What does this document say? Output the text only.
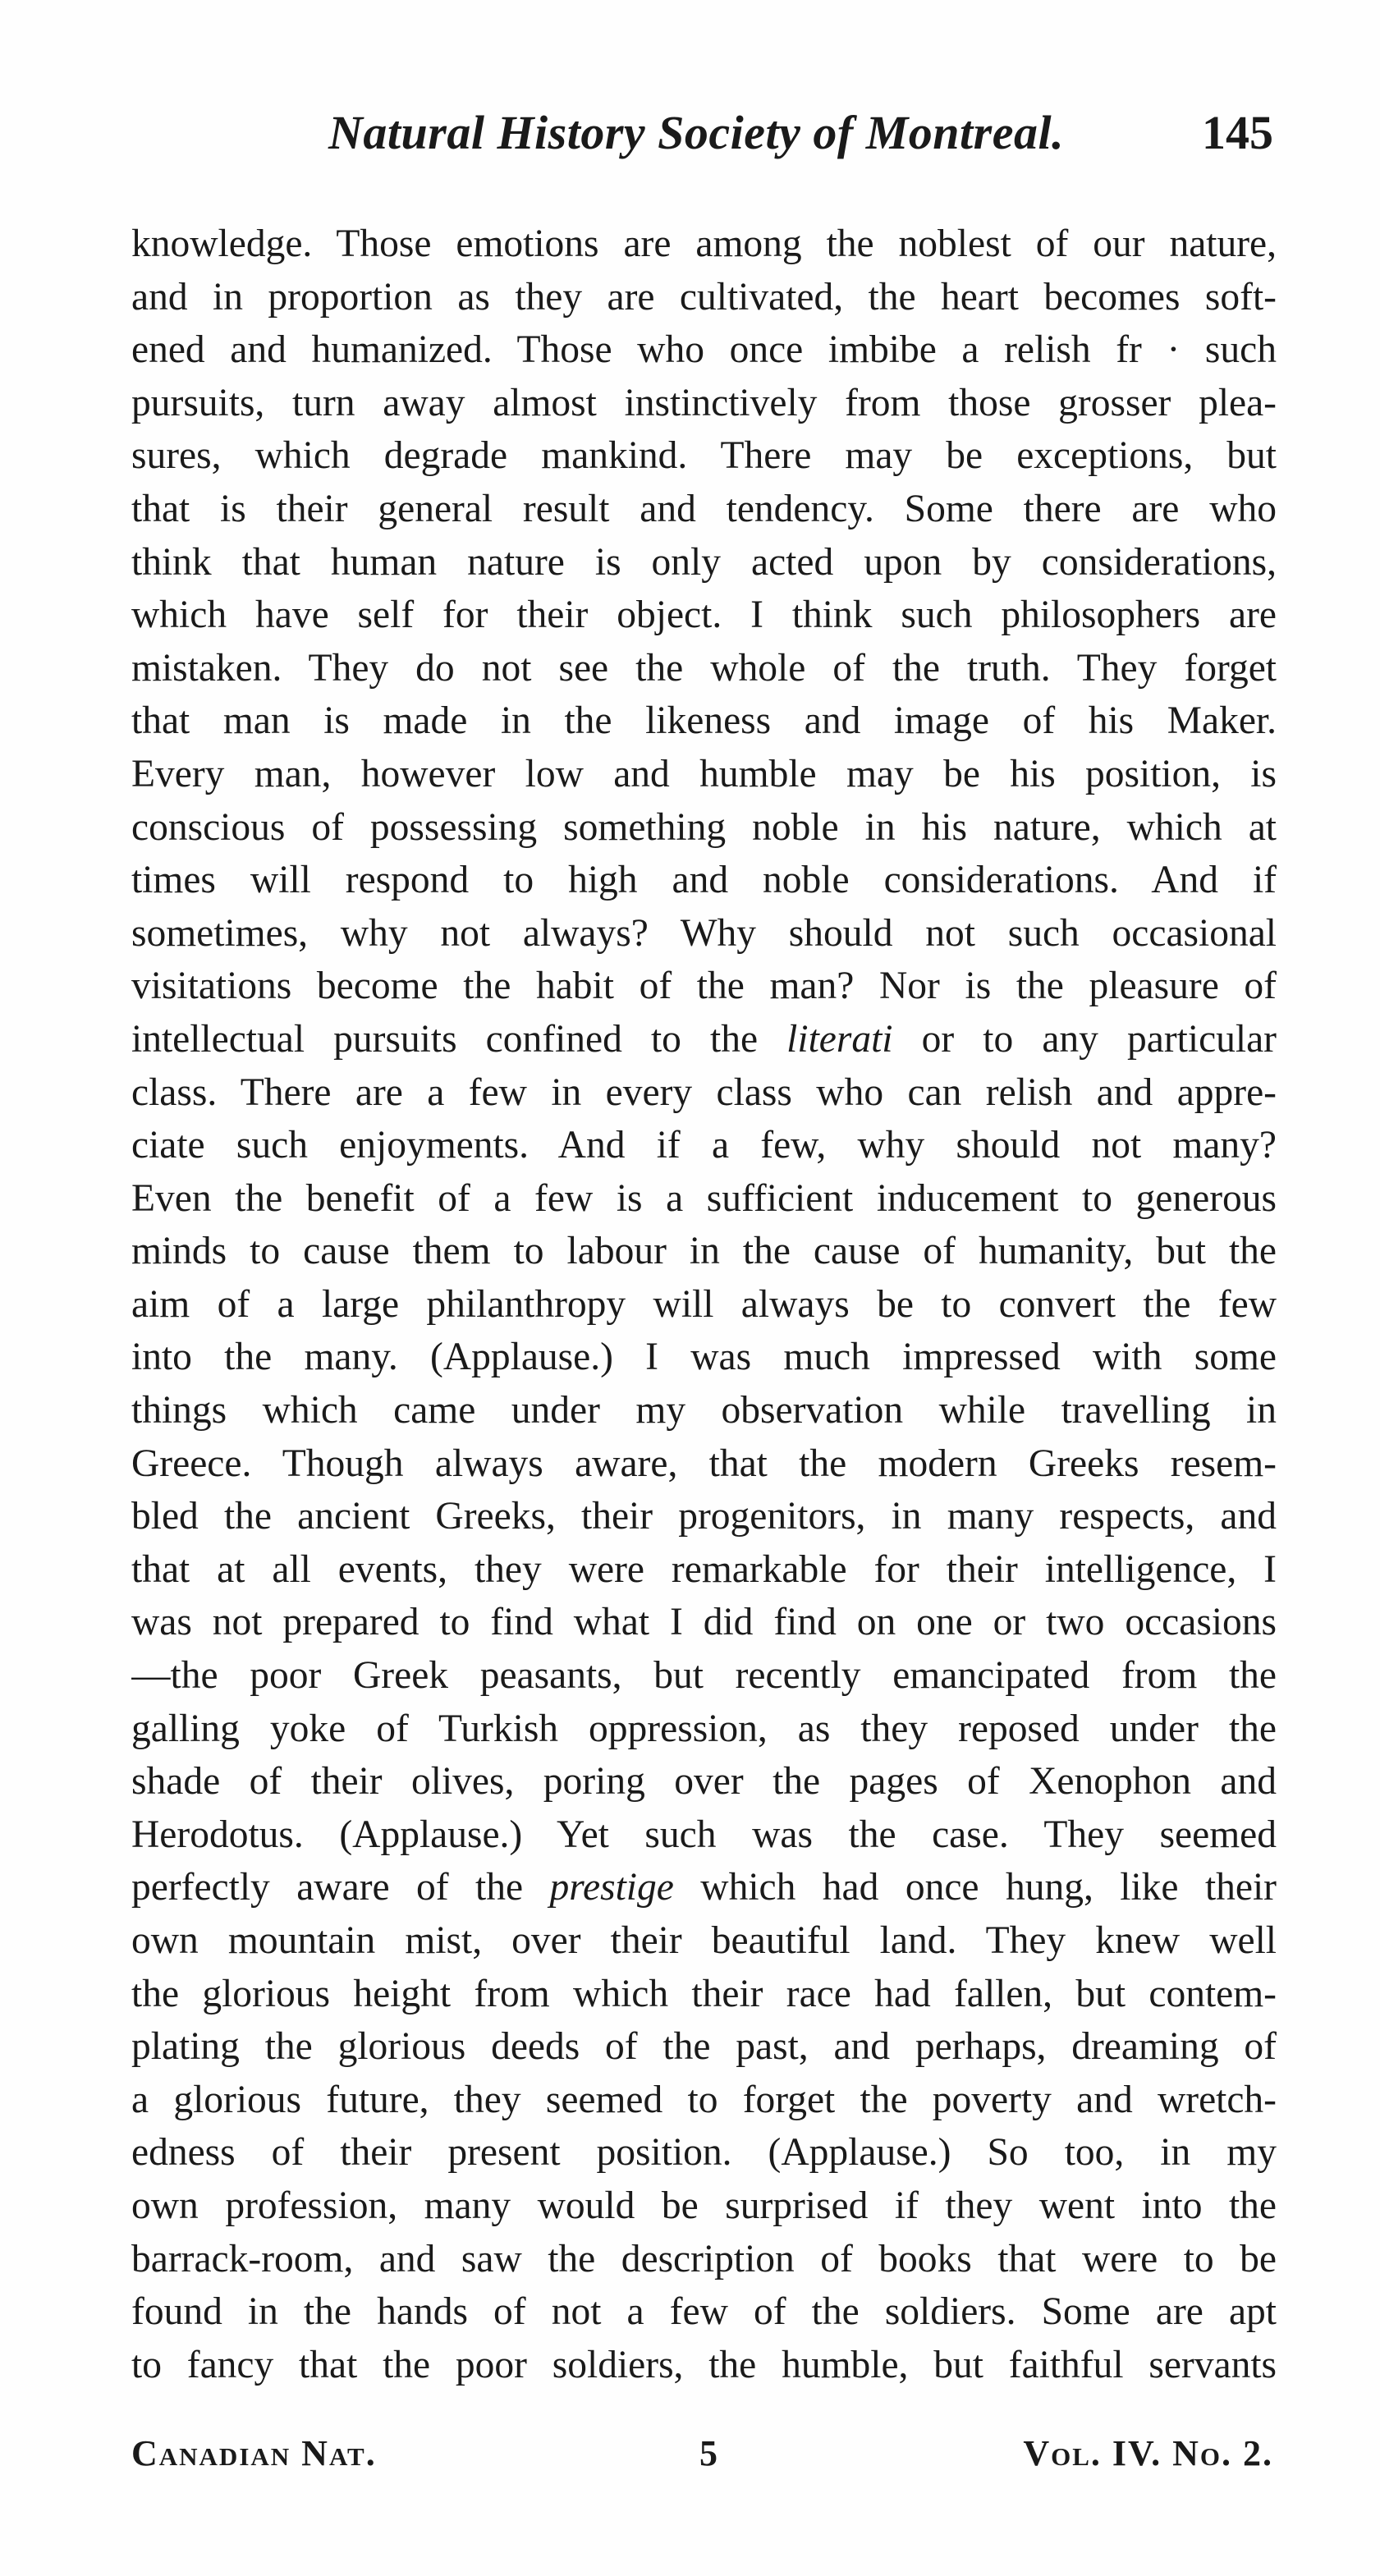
Natural History Society of Montreal.	145
knowledge. Those emotions are among the noblest of our nature,
and in proportion as they are cultivated, the heart becomes soft-
ened and humanized. Those who once imbibe a relish fr · such
pursuits, turn away almost instinctively from those grosser plea-
sures, which degrade mankind. There may be exceptions, but
that is their general result and tendency. Some there are who
think that human nature is only acted upon by considerations,
which have self for their object. I think such philosophers are
mistaken. They do not see the whole of the truth. They forget
that man is made in the likeness and image of his Maker.
Every man, however low and humble may be his position, is
conscious of possessing something noble in his nature, which at
times will respond to high and noble considerations. And if
sometimes, why not always? Why should not such occasional
visitations become the habit of the man? Nor is the pleasure of
intellectual pursuits confined to the literati or to any particular
class. There are a few in every class who can relish and appre-
ciate such enjoyments. And if a few, why should not many?
Even the benefit of a few is a sufficient inducement to generous
minds to cause them to labour in the cause of humanity, but the
aim of a large philanthropy will always be to convert the few
into the many. (Applause.) I was much impressed with some
things which came under my observation while travelling in
Greece. Though always aware, that the modern Greeks resem-
bled the ancient Greeks, their progenitors, in many respects, and
that at all events, they were remarkable for their intelligence, I
was not prepared to find what I did find on one or two occasions
—the poor Greek peasants, but recently emancipated from the
galling yoke of Turkish oppression, as they reposed under the
shade of their olives, poring over the pages of Xenophon and
Herodotus. (Applause.) Yet such was the case. They seemed
perfectly aware of the prestige which had once hung, like their
own mountain mist, over their beautiful land. They knew well
the glorious height from which their race had fallen, but contem-
plating the glorious deeds of the past, and perhaps, dreaming of
a glorious future, they seemed to forget the poverty and wretch-
edness of their present position. (Applause.) So too, in my
own profession, many would be surprised if they went into the
barrack-room, and saw the description of books that were to be
found in the hands of not a few of the soldiers. Some are apt
to fancy that the poor soldiers, the humble, but faithful servants
Canadian Nat.	5	Vol. IV. No. 2.
